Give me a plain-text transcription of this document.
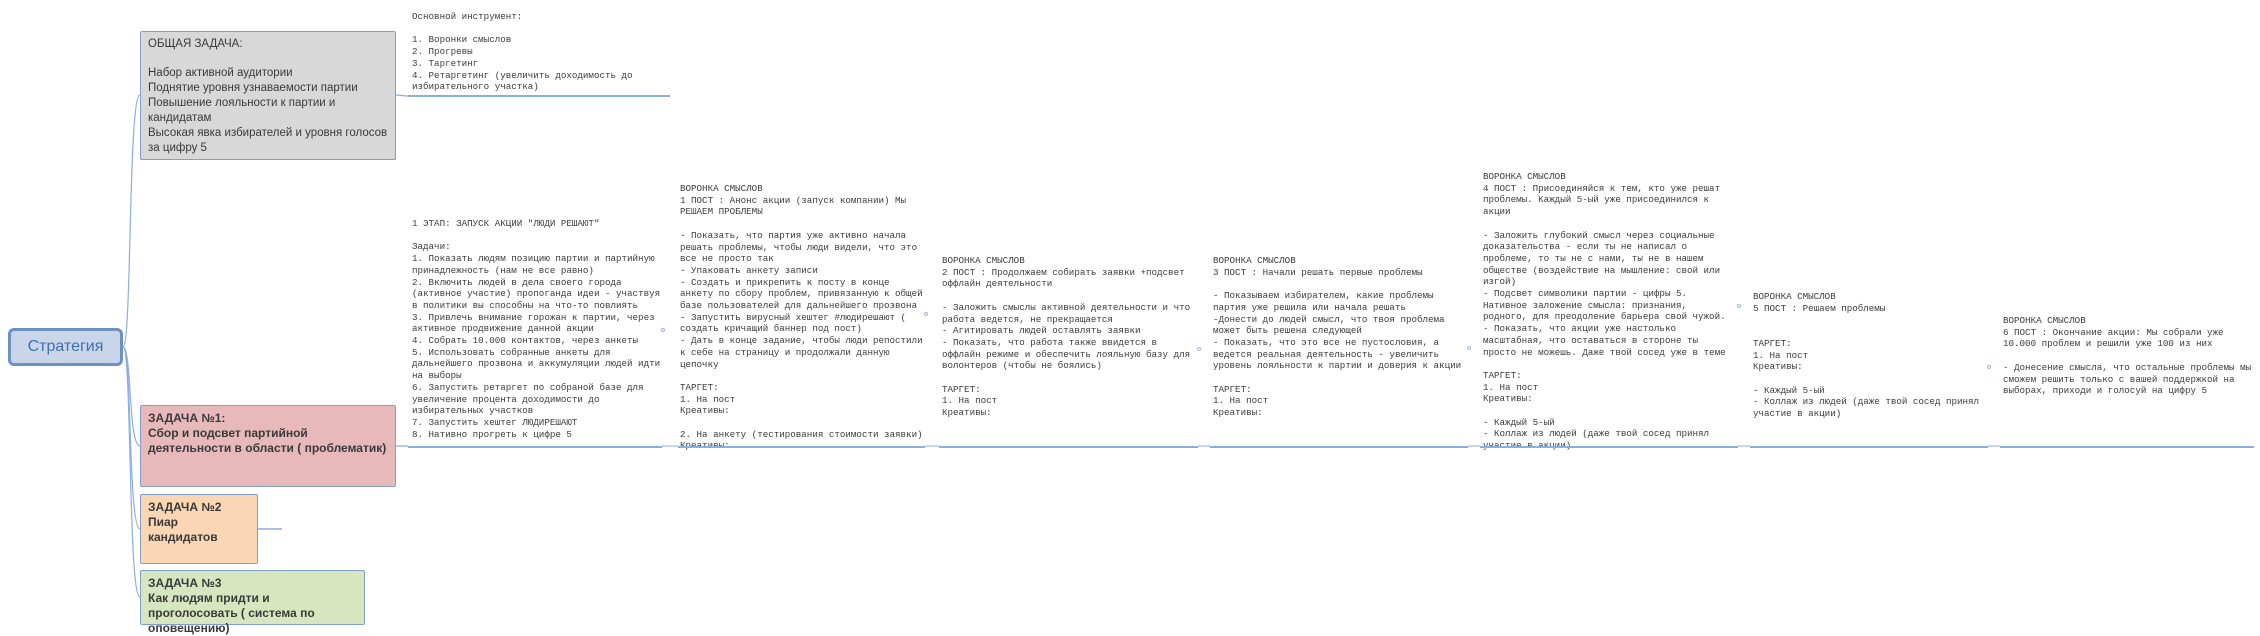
Стратегия
ОБЩАЯ ЗАДАЧА:
Набор активной аудитории
Поднятие уровня узнаваемости партии
Повышение лояльности к партии и кандидатам
Высокая явка избирателей и уровня голосов за цифру 5
ЗАДАЧА №1:
Сбор и подсвет партийной деятельности в области ( проблематик)
ЗАДАЧА №2
Пиар кандидатов
ЗАДАЧА №3
Как людям придти и проголосовать ( система по оповещению)
Основной инструмент:

1. Воронки смыслов
2. Прогревы
3. Таргетинг
4. Ретаргетинг (увеличить доходимость до избирательного участка)
1 ЭТАП: ЗАПУСК АКЦИИ "ЛЮДИ РЕШАЮТ"

Задачи:
1. Показать людям позицию партии и партийную принадлежность (нам не все равно)
2. Включить людей в дела своего города (активное участие) пропоганда идеи - участвуя в политики вы способны на что-то повлиять
3. Привлечь внимание горожан к партии, через активное продвижение данной акции
4. Собрать 10.000 контактов, через анкеты
5. Использовать собранные анкеты для дальнейшего прозвона и аккумуляции людей идти на выборы
6. Запустить ретаргет по собраной базе для увеличение процента доходимости до избирательных участков
7. Запустить хештег ЛЮДИРЕШАЮТ
8. Нативно прогреть к цифре 5
ВОРОНКА СМЫСЛОВ
1 ПОСТ : Анонс акции (запуск компании) Мы РЕШАЕМ ПРОБЛЕМЫ

- Показать, что партия уже активно начала решать проблемы, чтобы люди видели, что это все не просто так
- Упаковать анкету записи
- Создать и прикрепить к посту в конце анкету по сбору проблем, привязанную к общей базе пользователей для дальнейшего прозвона
- Запустить вирусный хештег #людирешают ( создать кричащий баннер под пост)
- Дать в конце задание, чтобы люди репостили к себе на страницу и продолжали данную цепочку

ТАРГЕТ:
1. На пост
Креативы:

2. На анкету (тестирования стоимости заявки)

ВОРОНКА СМЫСЛОВ
2 ПОСТ : Продолжаем собирать заявки +подсвет оффлайн деятельности

- Заложить смыслы активной деятельности и что работа ведется, не прекращается
- Агитировать людей оставлять заявки
- Показать, что работа также ввидется в оффлайн режиме и обеспечить лояльную базу для волонтеров (чтобы не боялись)

ТАРГЕТ:
1. На пост
Креативы:
ВОРОНКА СМЫСЛОВ
3 ПОСТ : Начали решать первые проблемы

- Показываем избирателем, какие проблемы партия уже решила или начала решать
-Донести до людей смысл, что твоя проблема может быть решена следующей
- Показать, что это все не пустословия, а ведется реальная деятельность - увеличить уровень лояльности к партии и доверия к акции

ТАРГЕТ:
1. На пост
Креативы:
ВОРОНКА СМЫСЛОВ
4 ПОСТ : Присоединяйся к тем, кто уже решат проблемы. Каждый 5-ый уже присоединился к акции

- Заложить глубокий смысл через социальные доказательства - если ты не написал о проблеме, то ты не с нами, ты не в нашем обществе (воздействие на мышление: свой или изгой)
- Подсвет символики партии - цифры 5. Нативное заложение смысла: признания, родного, для преодоление барьера свой чужой.
- Показать, что акции уже настолько масштабная, что оставаться в стороне ты просто не можешь. Даже твой сосед уже в теме

ТАРГЕТ:
1. На пост
Креативы:

- Каждый 5-ый
- Коллаж из людей (даже твой сосед принял
ВОРОНКА СМЫСЛОВ
5 ПОСТ : Решаем проблемы

ТАРГЕТ:
1. На пост
Креативы:

- Каждый 5-ый
- Коллаж из людей (даже твой сосед принял участие в акции)
ВОРОНКА СМЫСЛОВ
6 ПОСТ : Окончание акции: Мы собрали уже 10.000 проблем и решили уже 100 из них

- Донесение смысла, что остальные проблемы мы сможем решить только с вашей поддержкой на выборах, приходи и голосуй на цифру 5
